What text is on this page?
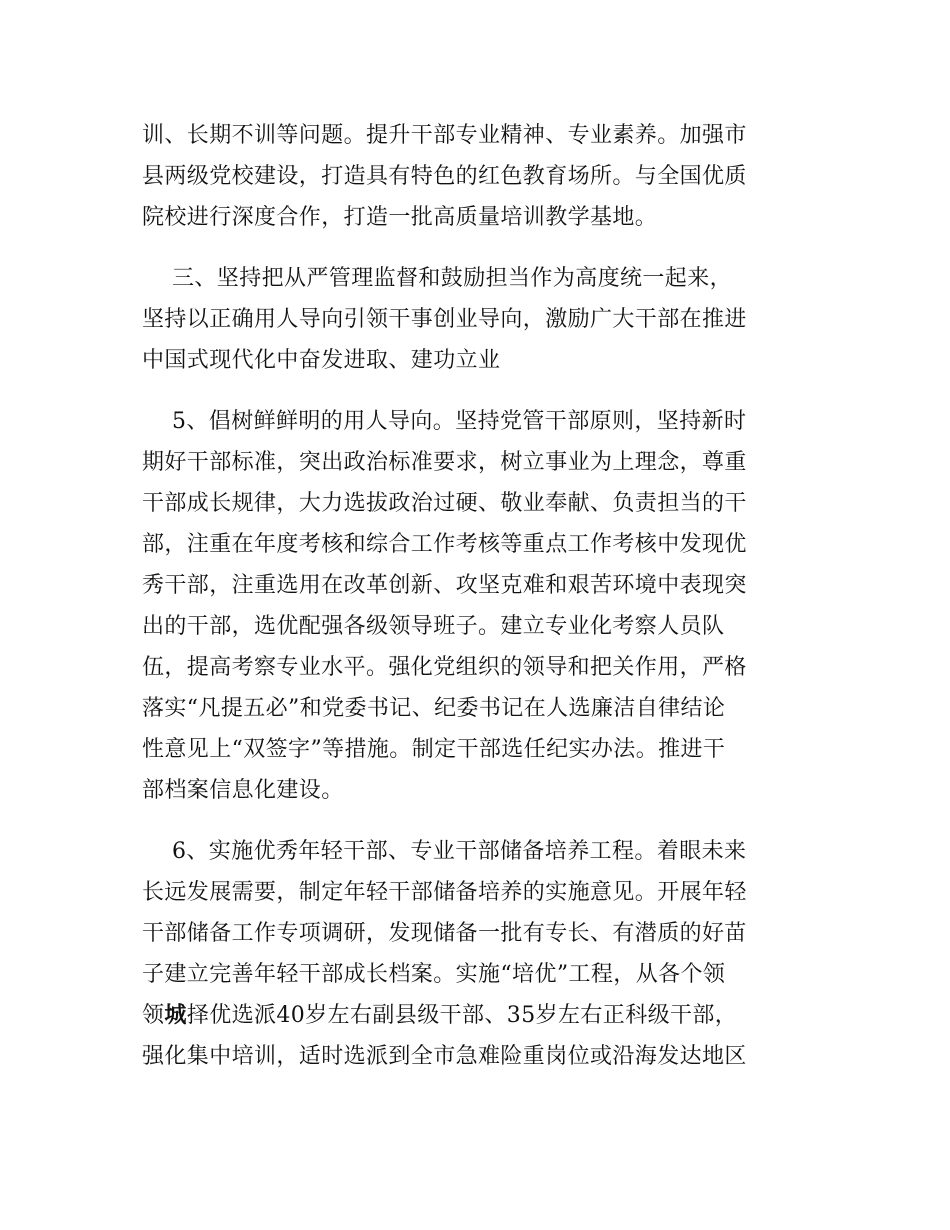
训、长期不训等问题。提升干部专业精神、专业素养。加强市
县两级党校建设，打造具有特色的红色教育场所。与全国优质
院校进行深度合作，打造一批高质量培训教学基地。
三、坚持把从严管理监督和鼓励担当作为高度统一起来，
坚持以正确用人导向引领干事创业导向，激励广大干部在推进
中国式现代化中奋发进取、建功立业
5、倡树鲜鲜明的用人导向。坚持党管干部原则，坚持新时
期好干部标准，突出政治标准要求，树立事业为上理念，尊重
干部成长规律，大力选拔政治过硬、敬业奉献、负责担当的干
部，注重在年度考核和综合工作考核等重点工作考核中发现优
秀干部，注重选用在改革创新、攻坚克难和艰苦环境中表现突
出的干部，选优配强各级领导班子。建立专业化考察人员队
伍，提高考察专业水平。强化党组织的领导和把关作用，严格
落实“凡提五必”和党委书记、纪委书记在人选廉洁自律结论
性意见上“双签字”等措施。制定干部选任纪实办法。推进干
部档案信息化建设。
6、实施优秀年轻干部、专业干部储备培养工程。着眼未来
长远发展需要，制定年轻干部储备培养的实施意见。开展年轻
干部储备工作专项调研，发现储备一批有专长、有潜质的好苗
子建立完善年轻干部成长档案。实施“培优”工程，从各个领
领城择优选派40岁左右副县级干部、35岁左右正科级干部，
强化集中培训，适时选派到全市急难险重岗位或沿海发达地区
